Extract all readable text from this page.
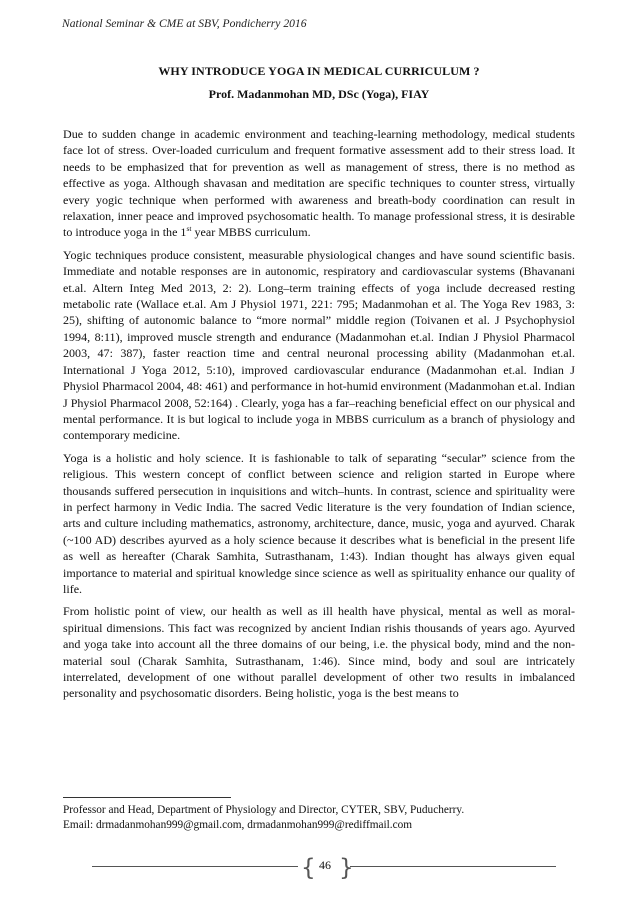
National Seminar & CME at SBV, Pondicherry 2016
WHY INTRODUCE YOGA IN MEDICAL CURRICULUM ?
Prof. Madanmohan MD, DSc (Yoga), FIAY

Due to sudden change in academic environment and teaching-learning methodology, medical students face lot of stress. Over-loaded curriculum and frequent formative assessment add to their stress load. It needs to be emphasized that for prevention as well as management of stress, there is no method as effective as yoga. Although shavasan and meditation are specific techniques to counter stress, virtually every yogic technique when performed with awareness and breath-body coordination can result in relaxation, inner peace and improved psychosomatic health. To manage professional stress, it is desirable to introduce yoga in the 1st year MBBS curriculum.

Yogic techniques produce consistent, measurable physiological changes and have sound scientific basis. Immediate and notable responses are in autonomic, respiratory and cardiovascular systems (Bhavanani et.al. Altern Integ Med 2013, 2: 2). Long–term training effects of yoga include decreased resting metabolic rate (Wallace et.al. Am J Physiol 1971, 221: 795; Madanmohan et al. The Yoga Rev 1983, 3: 25), shifting of autonomic balance to “more normal” middle region (Toivanen et al. J Psychophysiol 1994, 8:11), improved muscle strength and endurance (Madanmohan et.al. Indian J Physiol Pharmacol 2003, 47: 387), faster reaction time and central neuronal processing ability (Madanmohan et.al. International J Yoga 2012, 5:10), improved cardiovascular endurance (Madanmohan et.al. Indian J Physiol Pharmacol 2004, 48: 461) and performance in hot-humid environment (Madanmohan et.al. Indian J Physiol Pharmacol 2008, 52:164) . Clearly, yoga has a far–reaching beneficial effect on our physical and mental performance. It is but logical to include yoga in MBBS curriculum as a branch of physiology and contemporary medicine.

Yoga is a holistic and holy science. It is fashionable to talk of separating “secular” science from the religious. This western concept of conflict between science and religion started in Europe where thousands suffered persecution in inquisitions and witch–hunts. In contrast, science and spirituality were in perfect harmony in Vedic India. The sacred Vedic literature is the very foundation of Indian science, arts and culture including mathematics, astronomy, architecture, dance, music, yoga and ayurved. Charak (~100 AD) describes ayurved as a holy science because it describes what is beneficial in the present life as well as hereafter (Charak Samhita, Sutrasthanam, 1:43). Indian thought has always given equal importance to material and spiritual knowledge since science as well as spirituality enhance our quality of life.

From holistic point of view, our health as well as ill health have physical, mental as well as moral-spiritual dimensions. This fact was recognized by ancient Indian rishis thousands of years ago. Ayurved and yoga take into account all the three domains of our being, i.e. the physical body, mind and the non-material soul (Charak Samhita, Sutrasthanam, 1:46). Since mind, body and soul are intricately interrelated, development of one without parallel development of other two results in imbalanced personality and psychosomatic disorders. Being holistic, yoga is the best means to

Professor and Head, Department of Physiology and Director, CYTER, SBV, Puducherry.
Email: drmadanmohan999@gmail.com, drmadanmohan999@rediffmail.com
{ 46 }
